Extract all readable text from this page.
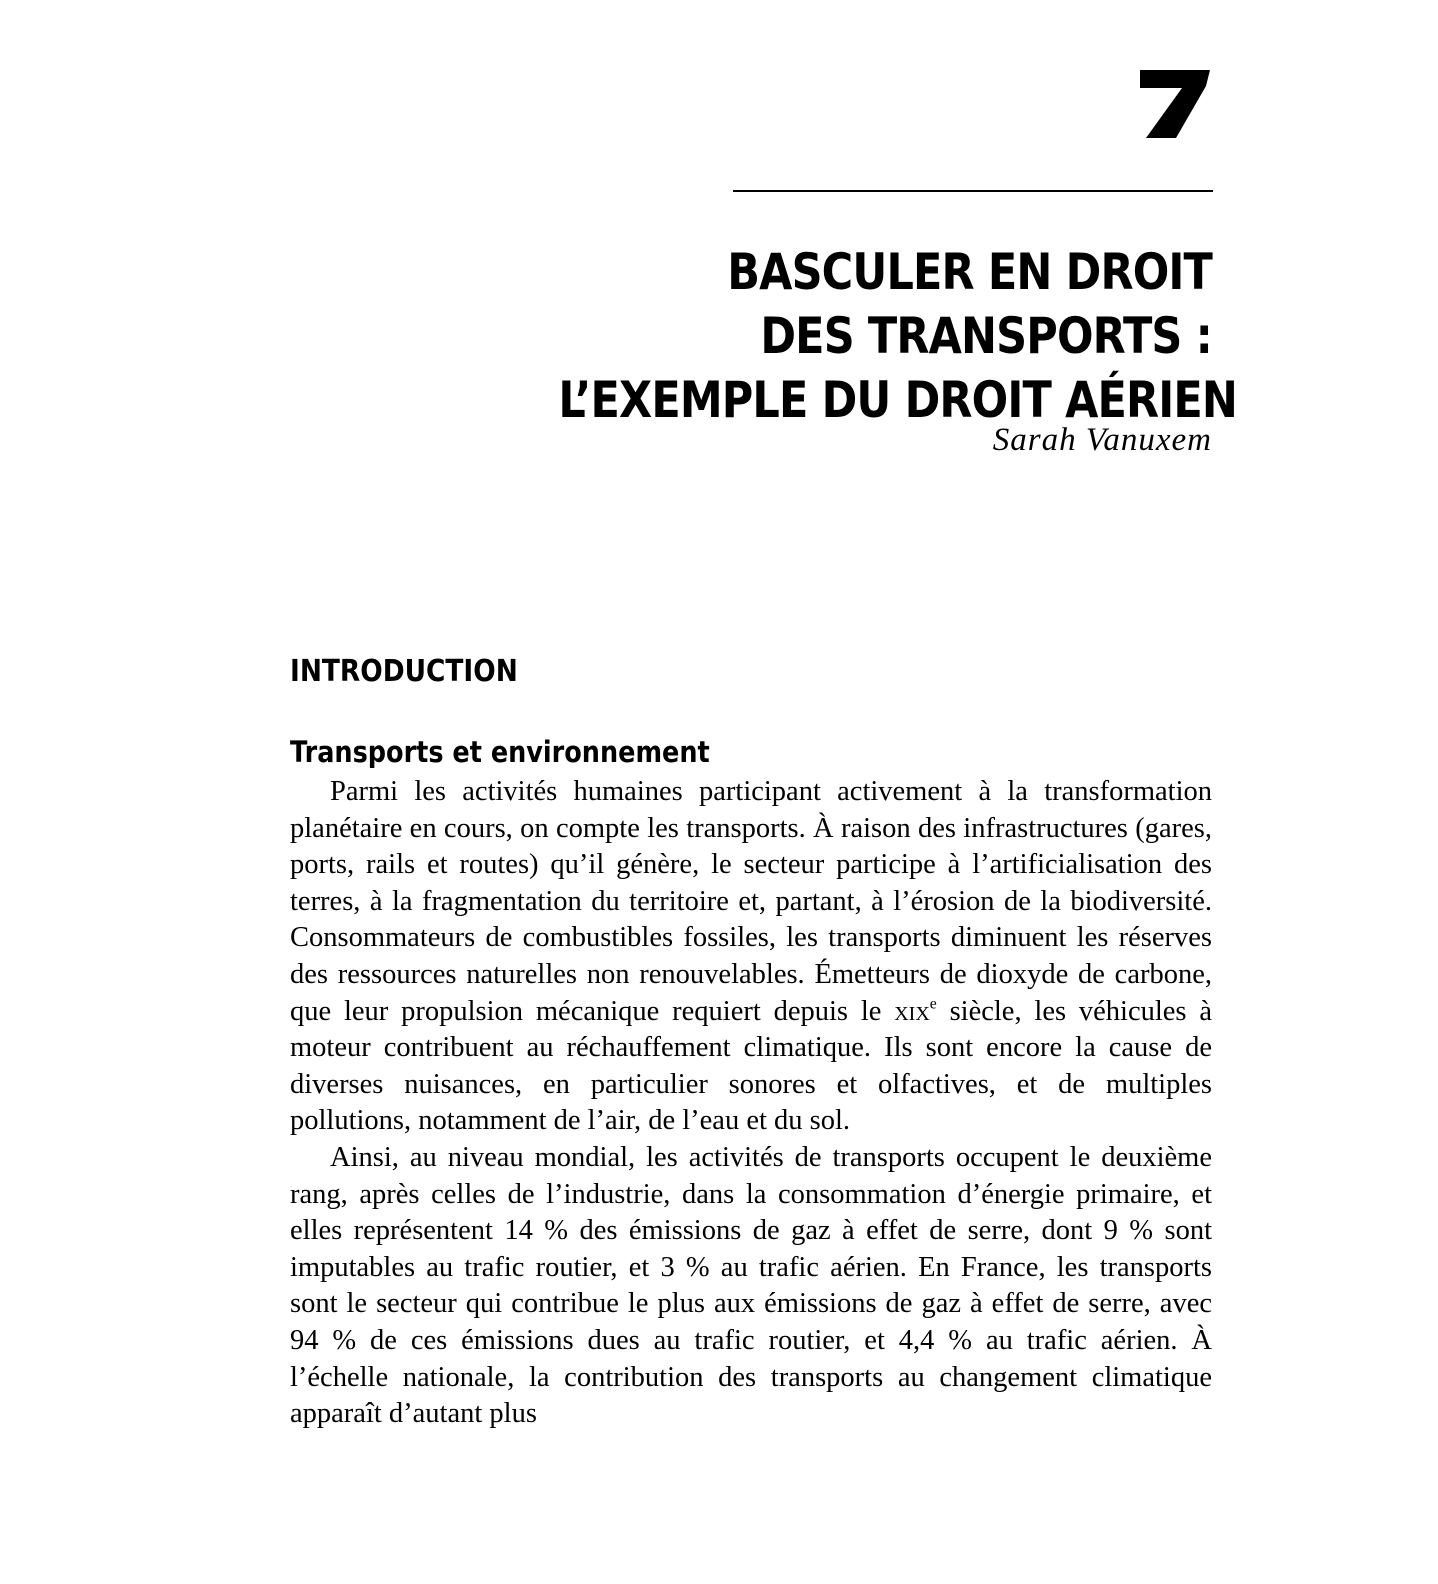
BASCULER EN DROIT
DES TRANSPORTS :
L’EXEMPLE DU DROIT AÉRIEN
Sarah Vanuxem
INTRODUCTION
Transports et environnement

Parmi les activités humaines participant activement à la transformation planétaire en cours, on compte les transports. À raison des infrastructures (gares, ports, rails et routes) qu’il génère, le secteur participe à l’artificialisation des terres, à la fragmentation du territoire et, partant, à l’érosion de la biodiversité. Consommateurs de combustibles fossiles, les transports diminuent les réserves des ressources naturelles non renouvelables. Émetteurs de dioxyde de carbone, que leur propulsion mécanique requiert depuis le xix$^e$ siècle, les véhicules à moteur contribuent au réchauffement climatique. Ils sont encore la cause de diverses nuisances, en particulier sonores et olfactives, et de multiples pollutions, notamment de l’air, de l’eau et du sol.

Ainsi, au niveau mondial, les activités de transports occupent le deuxième rang, après celles de l’industrie, dans la consommation d’énergie primaire, et elles représentent 14 % des émissions de gaz à effet de serre, dont 9 % sont imputables au trafic routier, et 3 % au trafic aérien. En France, les transports sont le secteur qui contribue le plus aux émissions de gaz à effet de serre, avec 94 % de ces émissions dues au trafic routier, et 4,4 % au trafic aérien. À l’échelle nationale, la contribution des transports au changement climatique apparaît d’autant plus
